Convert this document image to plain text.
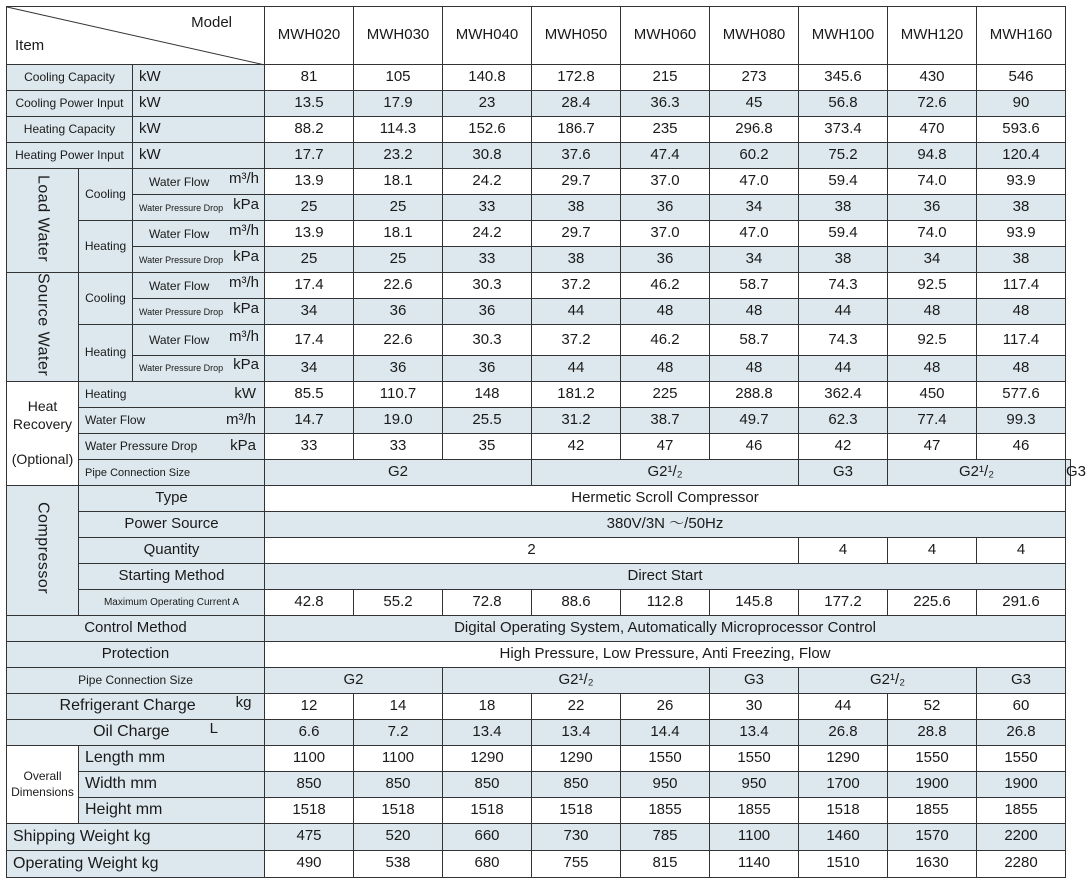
Model
Item			MWH020	MWH030	MWH040	MWH050	MWH060	MWH080	MWH100	MWH120	MWH160	
Cooling Capacity		kW	81	105	140.8	172.8	215	273	345.6	430	546	
Cooling Power Input		kW	13.5	17.9	23	28.4	36.3	45	56.8	72.6	90	
Heating Capacity		kW	88.2	114.3	152.6	186.7	235	296.8	373.4	470	593.6	
Heating Power Input		kW	17.7	23.2	30.8	37.6	47.4	60.2	75.2	94.8	120.4	
Load Water	Cooling	Water Flow m³/h	13.9	18.1	24.2	29.7	37.0	47.0	59.4	74.0	93.9	
		Water Pressure Drop kPa	25	25	33	38	36	34	38	36	38	
	Heating	Water Flow m³/h	13.9	18.1	24.2	29.7	37.0	47.0	59.4	74.0	93.9	
		Water Pressure Drop kPa	25	25	33	38	36	34	38	34	38	
Source Water	Cooling	Water Flow m³/h	17.4	22.6	30.3	37.2	46.2	58.7	74.3	92.5	117.4	
		Water Pressure Drop kPa	34	36	36	44	48	48	44	48	48	
	Heating	Water Flow m³/h	17.4	22.6	30.3	37.2	46.2	58.7	74.3	92.5	117.4	
		Water Pressure Drop kPa	34	36	36	44	48	48	44	48	48	

Heat
Recovery

(Optional)	Heating kW		85.5	110.7	148	181.2	225	288.8	362.4	450	577.6	
	Water Flow m³/h		14.7	19.0	25.5	31.2	38.7	49.7	62.3	77.4	99.3	
	Water Pressure Drop kPa		33	33	35	42	47	46	42	47	46	
	Pipe Connection Size		G2			G2¹/₂			G3	G2¹/₂		G3
Compressor	Type		Hermetic Scroll Compressor									
	Power Source		380V/3N ～/50Hz									
	Quantity		2						4	4	4	
	Starting Method		Direct Start									
	Maximum Operating Current A		42.8	55.2	72.8	88.6	112.8	145.8	177.2	225.6	291.6	
Control Method			Digital Operating System, Automatically Microprocessor Control									
Protection			High Pressure, Low Pressure, Anti Freezing, Flow									
Pipe Connection Size			G2		G2¹/₂			G3	G2¹/₂		G3	
Refrigerant Charge kg			12	14	18	22	26	30	44	52	60	
Oil Charge L			6.6	7.2	13.4	13.4	14.4	13.4	26.8	28.8	26.8	

Overall
Dimensions	Length mm		1100	1100	1290	1290	1550	1550	1290	1550	1550	
	Width mm		850	850	850	850	950	950	1700	1900	1900	
	Height mm		1518	1518	1518	1518	1855	1855	1518	1855	1855	
Shipping Weight kg			475	520	660	730	785	1100	1460	1570	2200	
Operating Weight kg			490	538	680	755	815	1140	1510	1630	2280	
